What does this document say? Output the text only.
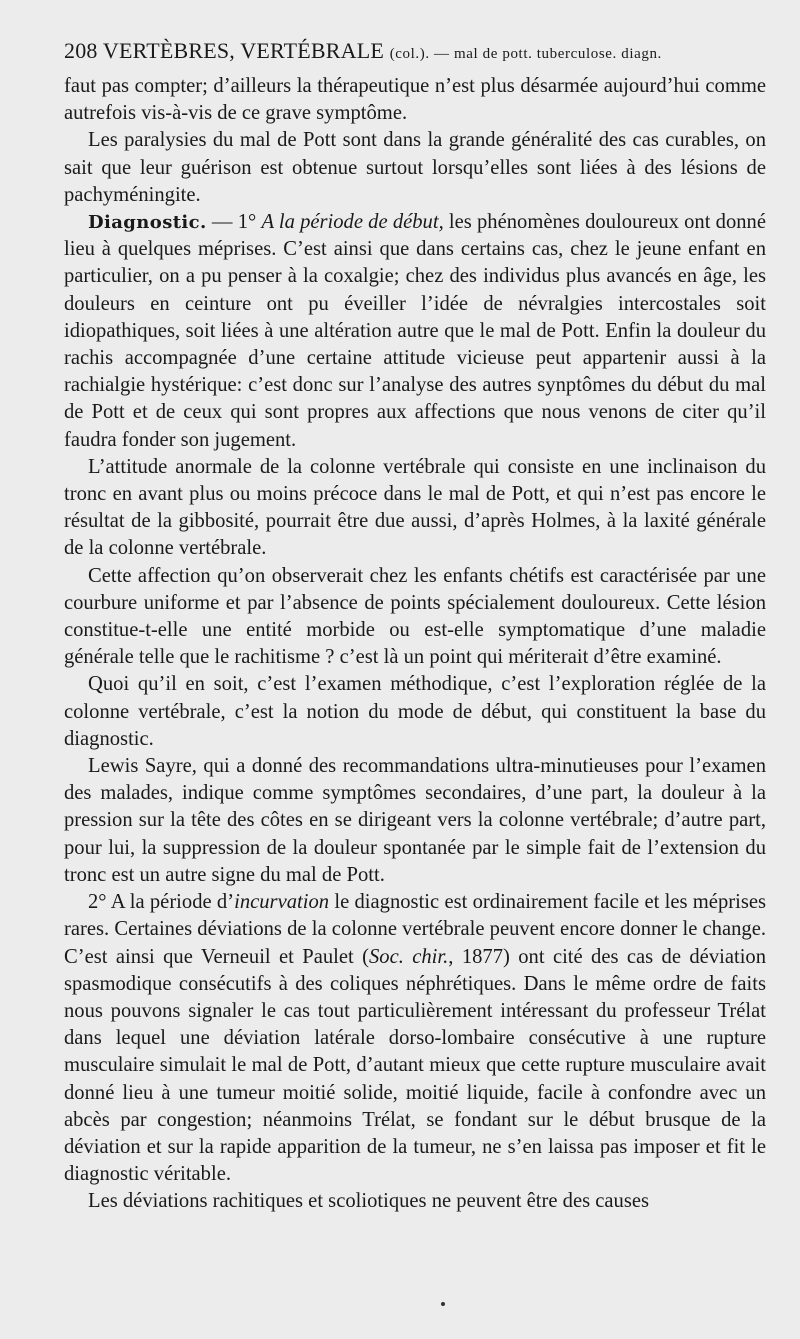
208 VERTÈBRES, VERTÉBRALE (col.). — mal de pott. tuberculose. diagn.

faut pas compter; d’ailleurs la thérapeutique n’est plus désarmée aujourd’hui comme autrefois vis-à-vis de ce grave symptôme.

Les paralysies du mal de Pott sont dans la grande généralité des cas curables, on sait que leur guérison est obtenue surtout lorsqu’elles sont liées à des lésions de pachyméningite.

Diagnostic. — 1° A la période de début, les phénomènes douloureux ont donné lieu à quelques méprises. C’est ainsi que dans certains cas, chez le jeune enfant en particulier, on a pu penser à la coxalgie; chez des individus plus avancés en âge, les douleurs en ceinture ont pu éveiller l’idée de névralgies intercostales soit idiopathiques, soit liées à une altération autre que le mal de Pott. Enfin la douleur du rachis accompagnée d’une certaine attitude vicieuse peut appartenir aussi à la rachialgie hystérique: c’est donc sur l’analyse des autres synptômes du début du mal de Pott et de ceux qui sont propres aux affections que nous venons de citer qu’il faudra fonder son jugement.

L’attitude anormale de la colonne vertébrale qui consiste en une inclinaison du tronc en avant plus ou moins précoce dans le mal de Pott, et qui n’est pas encore le résultat de la gibbosité, pourrait être due aussi, d’après Holmes, à la laxité générale de la colonne vertébrale.

Cette affection qu’on observerait chez les enfants chétifs est caractérisée par une courbure uniforme et par l’absence de points spécialement douloureux. Cette lésion constitue-t-elle une entité morbide ou est-elle symptomatique d’une maladie générale telle que le rachitisme ? c’est là un point qui mériterait d’être examiné.

Quoi qu’il en soit, c’est l’examen méthodique, c’est l’exploration réglée de la colonne vertébrale, c’est la notion du mode de début, qui constituent la base du diagnostic.

Lewis Sayre, qui a donné des recommandations ultra-minutieuses pour l’examen des malades, indique comme symptômes secondaires, d’une part, la douleur à la pression sur la tête des côtes en se dirigeant vers la colonne vertébrale; d’autre part, pour lui, la suppression de la douleur spontanée par le simple fait de l’extension du tronc est un autre signe du mal de Pott.

2° A la période d’incurvation le diagnostic est ordinairement facile et les méprises rares. Certaines déviations de la colonne vertébrale peuvent encore donner le change. C’est ainsi que Verneuil et Paulet (Soc. chir., 1877) ont cité des cas de déviation spasmodique consécutifs à des coliques néphrétiques. Dans le même ordre de faits nous pouvons signaler le cas tout particulièrement intéressant du professeur Trélat dans lequel une déviation latérale dorso-lombaire consécutive à une rupture musculaire simulait le mal de Pott, d’autant mieux que cette rupture musculaire avait donné lieu à une tumeur moitié solide, moitié liquide, facile à confondre avec un abcès par congestion; néanmoins Trélat, se fondant sur le début brusque de la déviation et sur la rapide apparition de la tumeur, ne s’en laissa pas imposer et fit le diagnostic véritable.

Les déviations rachitiques et scoliotiques ne peuvent être des causes
